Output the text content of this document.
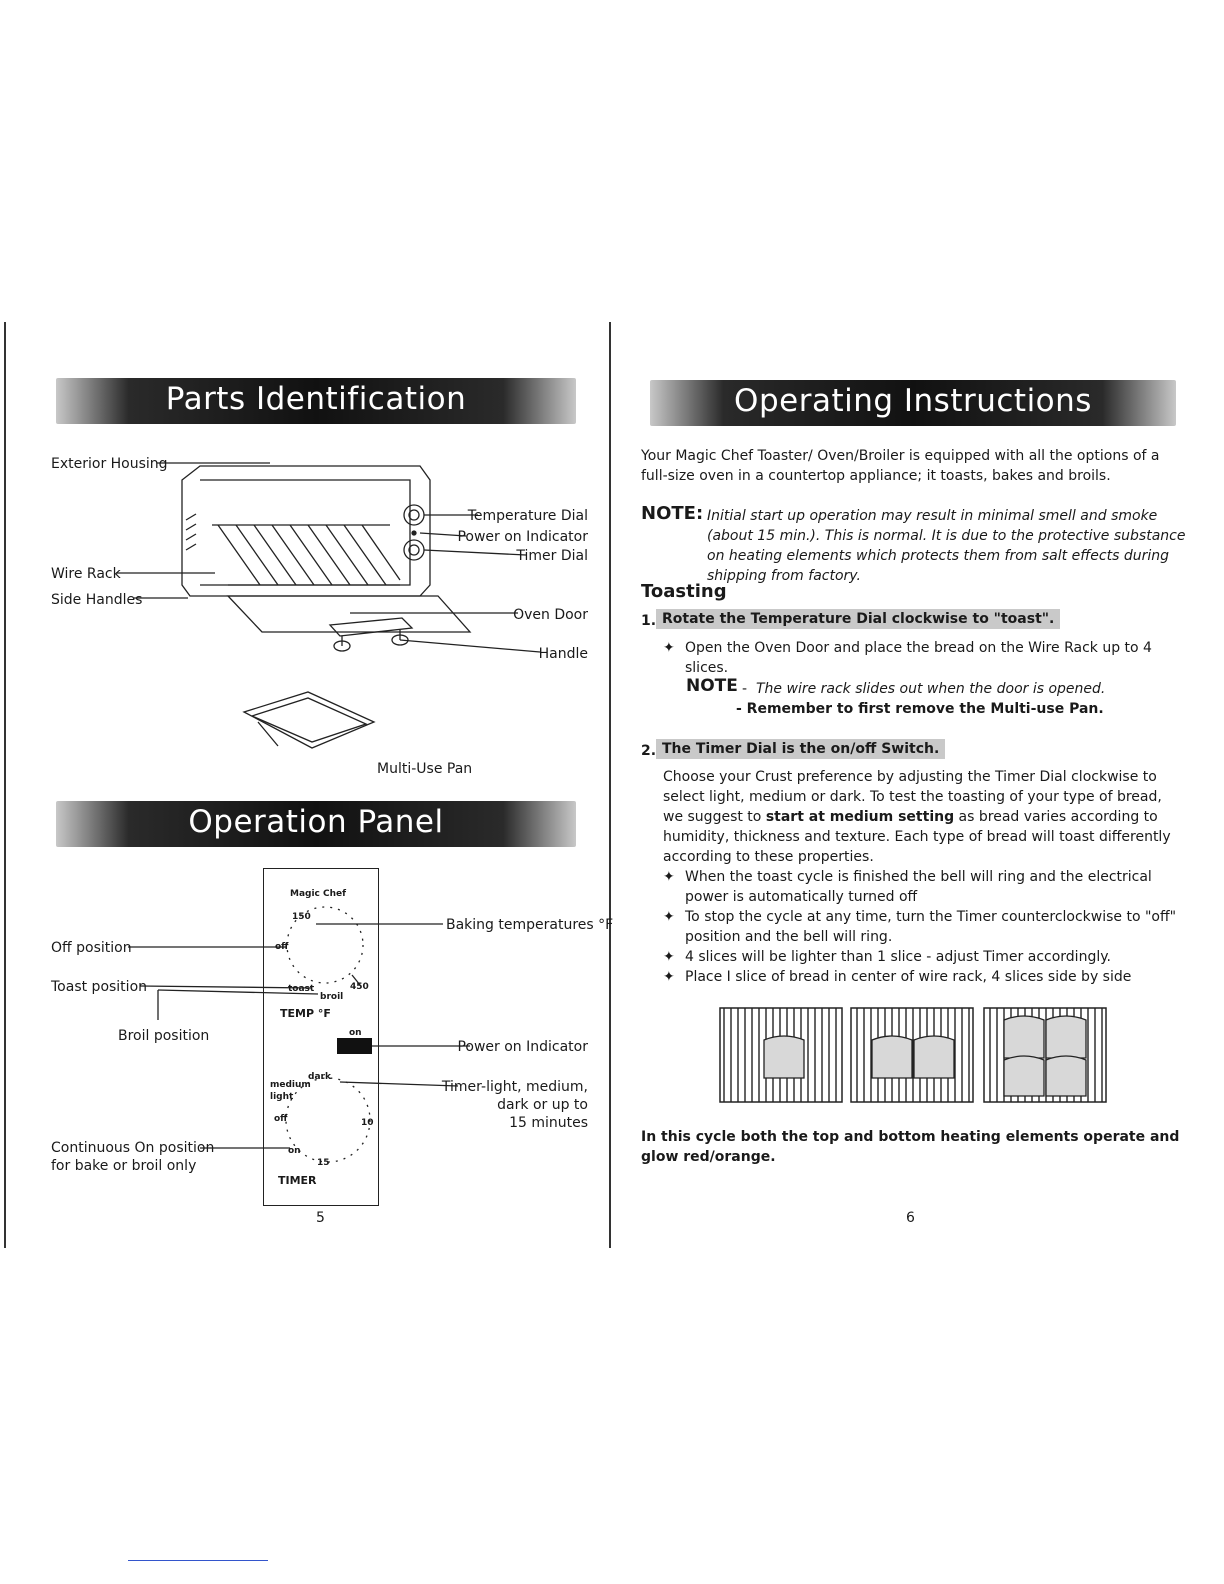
Parts Identification
Exterior Housing
Temperature Dial
Power on Indicator
Timer Dial
Wire Rack
Side Handles
Oven Door
Handle
Multi-Use Pan
Operation Panel
Magic Chef
150
off
toast
broil
450
TEMP °F
on
dark
medium
light
off	10
on
15
TIMER
Baking temperatures °F
Off position
Toast position
Broil position
Power on Indicator
Timer-light, medium,
dark or up to
15 minutes
Continuous On position
for bake or broil only
5
Operating Instructions
Your Magic Chef Toaster/ Oven/Broiler is equipped with all the options of a full-size oven in a countertop appliance; it toasts, bakes and broils.
NOTE: Initial start up operation may result in minimal smell and smoke (about 15 min.). This is normal. It is due to the protective substance on heating elements which protects them from salt effects during shipping from factory.
Toasting
1. Rotate the Temperature Dial clockwise to "toast".
✦ Open the Oven Door and place the bread on the Wire Rack up to 4 slices.
NOTE - The wire rack slides out when the door is opened.
- Remember to first remove the Multi-use Pan.
2. The Timer Dial is the on/off Switch.
Choose your Crust preference by adjusting the Timer Dial clockwise to select light, medium or dark. To test the toasting of your type of bread, we suggest to start at medium setting as bread varies according to humidity, thickness and texture. Each type of bread will toast differently according to these properties.
✦ When the toast cycle is finished the bell will ring and the electrical power is automatically turned off
✦ To stop the cycle at any time, turn the Timer counterclockwise to "off" position and the bell will ring.
✦ 4 slices will be lighter than 1 slice - adjust Timer accordingly.
✦ Place I slice of bread in center of wire rack, 4 slices side by side
In this cycle both the top and bottom heating elements operate and glow red/orange.
6
